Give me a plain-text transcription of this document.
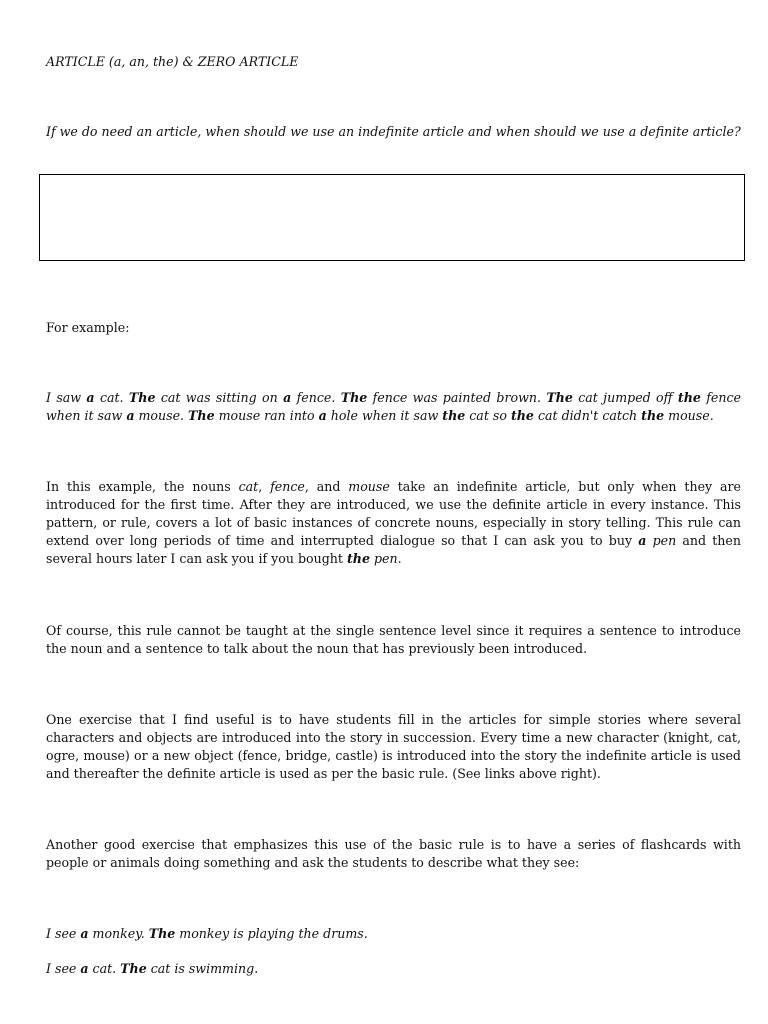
ARTICLE (a, an, the) & ZERO ARTICLE

If we do need an article, when should we use an indefinite article and when should we use a definite article?

For example:

I saw a cat. The cat was sitting on a fence. The fence was painted brown. The cat jumped off the fence when it saw a mouse. The mouse ran into a hole when it saw the cat so the cat didn't catch the mouse.

In this example, the nouns cat, fence, and mouse take an indefinite article, but only when they are introduced for the first time. After they are introduced, we use the definite article in every instance. This pattern, or rule, covers a lot of basic instances of concrete nouns, especially in story telling. This rule can extend over long periods of time and interrupted dialogue so that I can ask you to buy a pen and then several hours later I can ask you if you bought the pen.

Of course, this rule cannot be taught at the single sentence level since it requires a sentence to introduce the noun and a sentence to talk about the noun that has previously been introduced.

One exercise that I find useful is to have students fill in the articles for simple stories where several characters and objects are introduced into the story in succession. Every time a new character (knight, cat, ogre, mouse) or a new object (fence, bridge, castle) is introduced into the story the indefinite article is used and thereafter the definite article is used as per the basic rule. (See links above right).

Another good exercise that emphasizes this use of the basic rule is to have a series of flashcards with people or animals doing something and ask the students to describe what they see:

I see a monkey. The monkey is playing the drums.

I see a cat. The cat is swimming.
